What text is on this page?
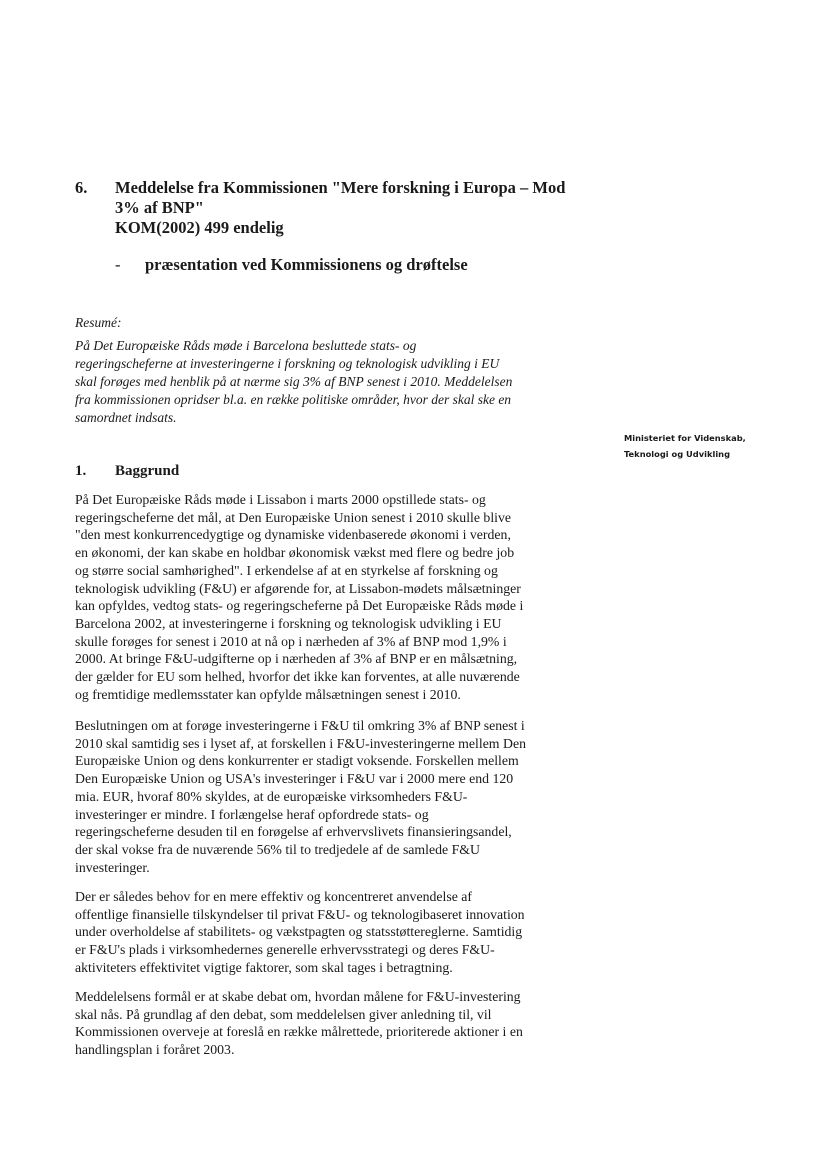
6. Meddelelse fra Kommissionen "Mere forskning i Europa – Mod
3% af BNP"
KOM(2002) 499 endelig
- præsentation ved Kommissionens og drøftelse
Resumé:
På Det Europæiske Råds møde i Barcelona besluttede stats- og
regeringscheferne at investeringerne i forskning og teknologisk udvikling i EU
skal forøges med henblik på at nærme sig 3% af BNP senest i 2010. Meddelelsen
fra kommissionen opridser bl.a. en række politiske områder, hvor der skal ske en
samordnet indsats.
Ministeriet for Videnskab,
Teknologi og Udvikling
1. Baggrund
På Det Europæiske Råds møde i Lissabon i marts 2000 opstillede stats- og
regeringscheferne det mål, at Den Europæiske Union senest i 2010 skulle blive
"den mest konkurrencedygtige og dynamiske videnbaserede økonomi i verden,
en økonomi, der kan skabe en holdbar økonomisk vækst med flere og bedre job
og større social samhørighed". I erkendelse af at en styrkelse af forskning og
teknologisk udvikling (F&U) er afgørende for, at Lissabon-mødets målsætninger
kan opfyldes, vedtog stats- og regeringscheferne på Det Europæiske Råds møde i
Barcelona 2002, at investeringerne i forskning og teknologisk udvikling i EU
skulle forøges for senest i 2010 at nå op i nærheden af 3% af BNP mod 1,9% i
2000. At bringe F&U-udgifterne op i nærheden af 3% af BNP er en målsætning,
der gælder for EU som helhed, hvorfor det ikke kan forventes, at alle nuværende
og fremtidige medlemsstater kan opfylde målsætningen senest i 2010.
Beslutningen om at forøge investeringerne i F&U til omkring 3% af BNP senest i
2010 skal samtidig ses i lyset af, at forskellen i F&U-investeringerne mellem Den
Europæiske Union og dens konkurrenter er stadigt voksende. Forskellen mellem
Den Europæiske Union og USA's investeringer i F&U var i 2000 mere end 120
mia. EUR, hvoraf 80% skyldes, at de europæiske virksomheders F&U-
investeringer er mindre. I forlængelse heraf opfordrede stats- og
regeringscheferne desuden til en forøgelse af erhvervslivets finansieringsandel,
der skal vokse fra de nuværende 56% til to tredjedele af de samlede F&U
investeringer.
Der er således behov for en mere effektiv og koncentreret anvendelse af
offentlige finansielle tilskyndelser til privat F&U- og teknologibaseret innovation
under overholdelse af stabilitets- og vækstpagten og statsstøttereglerne. Samtidig
er F&U's plads i virksomhedernes generelle erhvervsstrategi og deres F&U-
aktiviteters effektivitet vigtige faktorer, som skal tages i betragtning.
Meddelelsens formål er at skabe debat om, hvordan målene for F&U-investering
skal nås. På grundlag af den debat, som meddelelsen giver anledning til, vil
Kommissionen overveje at foreslå en række målrettede, prioriterede aktioner i en
handlingsplan i foråret 2003.
